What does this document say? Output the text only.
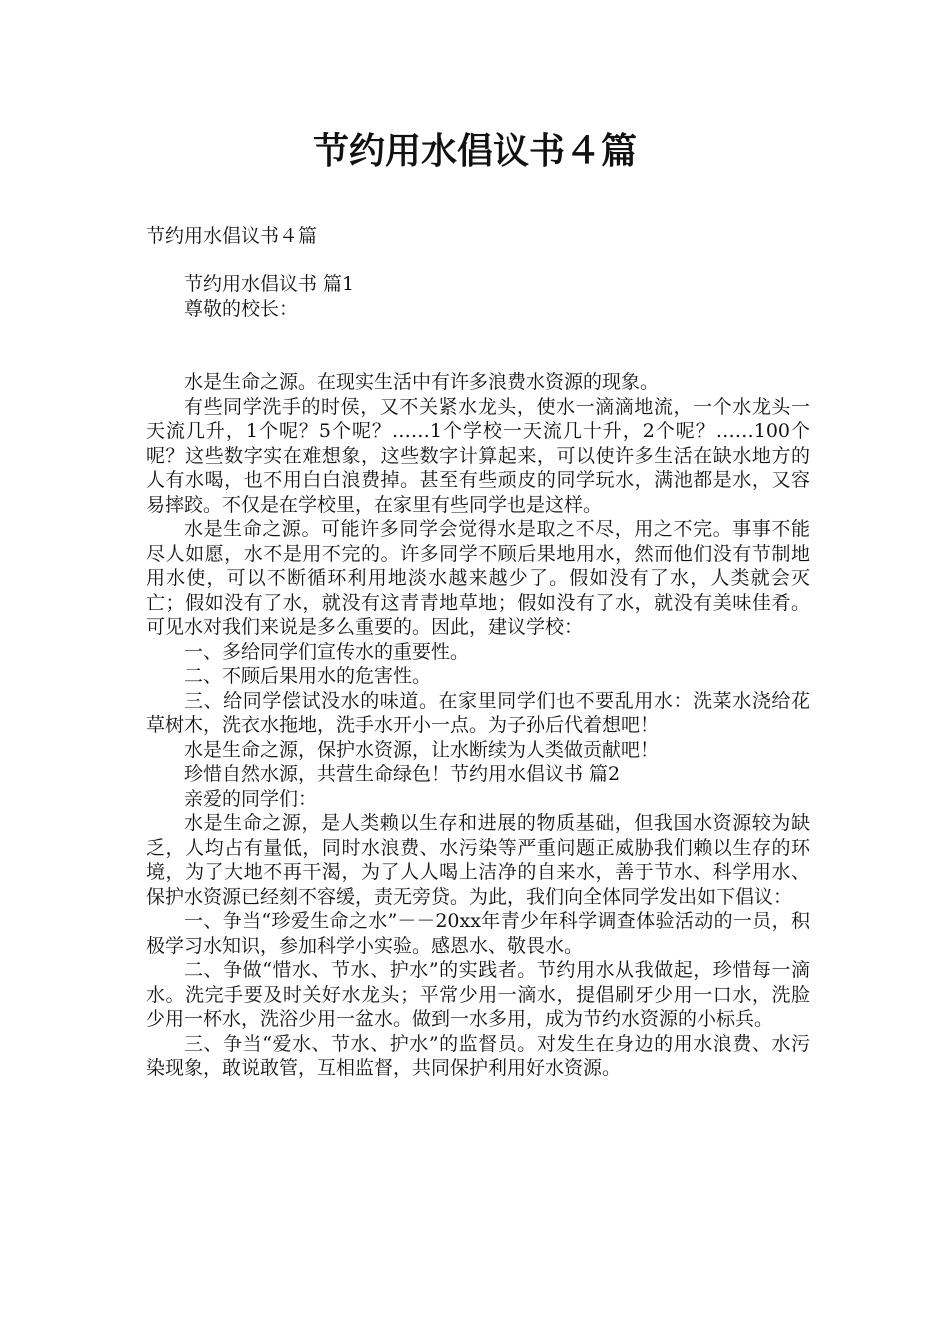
节约用水倡议书４篇
节约用水倡议书４篇

节约用水倡议书 篇1

尊敬的校长：

水是生命之源。在现实生活中有许多浪费水资源的现象。

有些同学洗手的时侯，又不关紧水龙头，使水一滴滴地流，一个水龙头一天流几升，1个呢？5个呢？……1个学校一天流几十升，2个呢？……100个呢？这些数字实在难想象，这些数字计算起来，可以使许多生活在缺水地方的人有水喝，也不用白白浪费掉。甚至有些顽皮的同学玩水，满池都是水，又容易摔跤。不仅是在学校里，在家里有些同学也是这样。

水是生命之源。可能许多同学会觉得水是取之不尽，用之不完。事事不能尽人如愿，水不是用不完的。许多同学不顾后果地用水，然而他们没有节制地用水使，可以不断循环利用地淡水越来越少了。假如没有了水，人类就会灭亡；假如没有了水，就没有这青青地草地；假如没有了水，就没有美味佳肴。可见水对我们来说是多么重要的。因此，建议学校：

一、多给同学们宣传水的重要性。

二、不顾后果用水的危害性。

三、给同学偿试没水的味道。在家里同学们也不要乱用水：洗菜水浇给花草树木，洗衣水拖地，洗手水开小一点。为子孙后代着想吧！

水是生命之源，保护水资源，让水断续为人类做贡献吧！

珍惜自然水源，共营生命绿色！节约用水倡议书 篇2

亲爱的同学们：

水是生命之源，是人类赖以生存和进展的物质基础，但我国水资源较为缺乏，人均占有量低，同时水浪费、水污染等严重问题正威胁我们赖以生存的环境，为了大地不再干渴，为了人人喝上洁净的自来水，善于节水、科学用水、保护水资源已经刻不容缓，责无旁贷。为此，我们向全体同学发出如下倡议：

一、争当“珍爱生命之水”－－20xx年青少年科学调查体验活动的一员，积极学习水知识，参加科学小实验。感恩水、敬畏水。

二、争做“惜水、节水、护水”的实践者。节约用水从我做起，珍惜每一滴水。洗完手要及时关好水龙头；平常少用一滴水，提倡刷牙少用一口水，洗脸少用一杯水，洗浴少用一盆水。做到一水多用，成为节约水资源的小标兵。

三、争当“爱水、节水、护水”的监督员。对发生在身边的用水浪费、水污染现象，敢说敢管，互相监督，共同保护利用好水资源。
